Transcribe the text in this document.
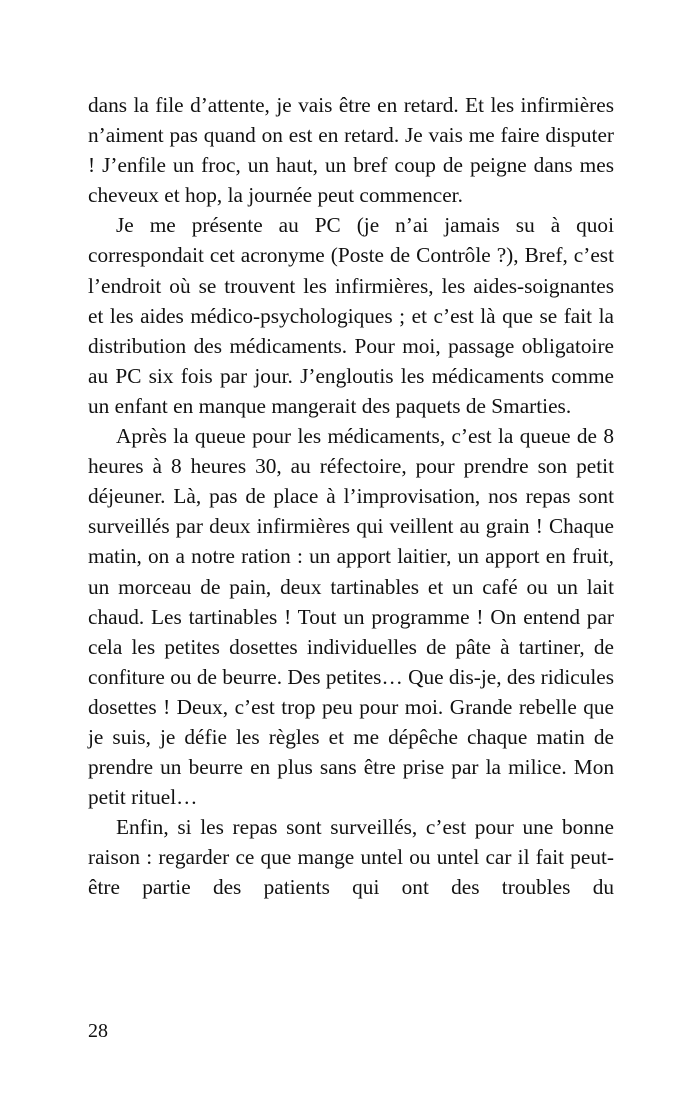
dans la file d’attente, je vais être en retard. Et les infirmières n’aiment pas quand on est en retard. Je vais me faire disputer ! J’enfile un froc, un haut, un bref coup de peigne dans mes cheveux et hop, la journée peut commencer.

Je me présente au PC (je n’ai jamais su à quoi correspondait cet acronyme (Poste de Contrôle ?), Bref, c’est l’endroit où se trouvent les infirmières, les aides-soignantes et les aides médico-psychologiques ; et c’est là que se fait la distribution des médicaments. Pour moi, passage obligatoire au PC six fois par jour. J’engloutis les médicaments comme un enfant en manque mangerait des paquets de Smarties.

Après la queue pour les médicaments, c’est la queue de 8 heures à 8 heures 30, au réfectoire, pour prendre son petit déjeuner. Là, pas de place à l’improvisation, nos repas sont surveillés par deux infirmières qui veillent au grain ! Chaque matin, on a notre ration : un apport laitier, un apport en fruit, un morceau de pain, deux tartinables et un café ou un lait chaud. Les tartinables ! Tout un programme ! On entend par cela les petites dosettes individuelles de pâte à tartiner, de confiture ou de beurre. Des petites… Que dis-je, des ridicules dosettes ! Deux, c’est trop peu pour moi. Grande rebelle que je suis, je défie les règles et me dépêche chaque matin de prendre un beurre en plus sans être prise par la milice. Mon petit rituel…

Enfin, si les repas sont surveillés, c’est pour une bonne raison : regarder ce que mange untel ou untel car il fait peut-être partie des patients qui ont des troubles du

28
